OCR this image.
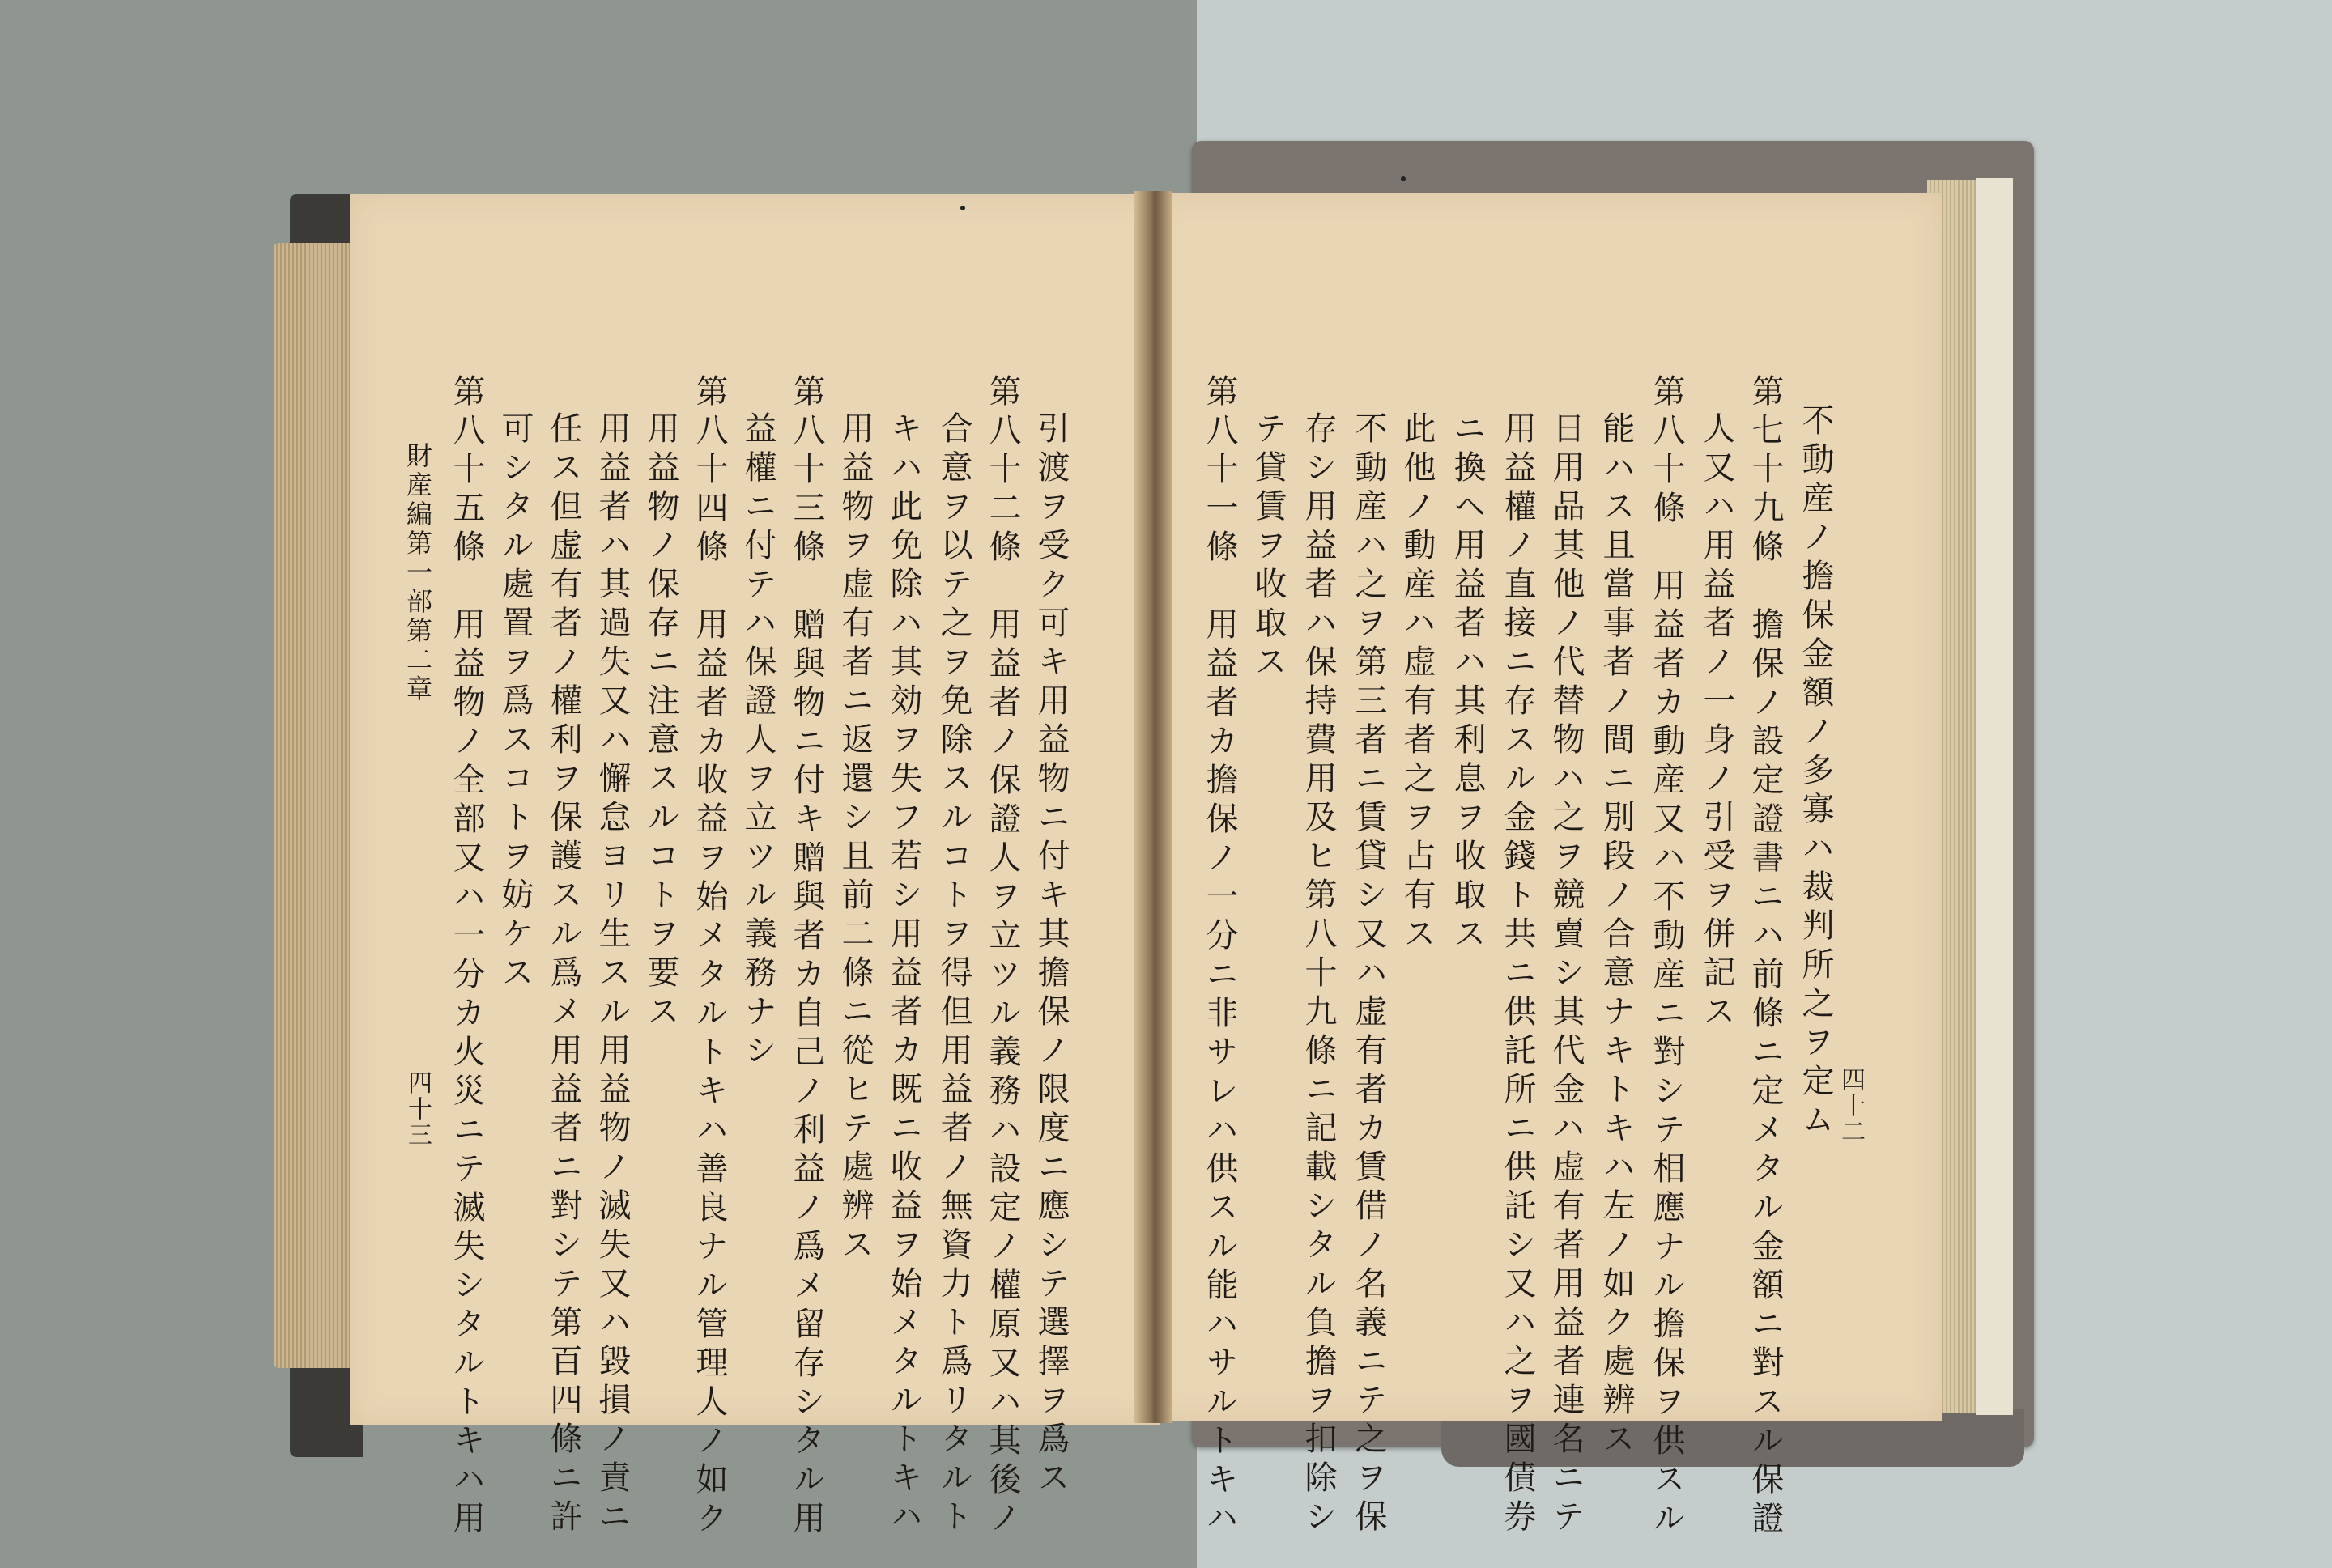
不動産ノ擔保金額ノ多寡ハ裁判所之ヲ定ム
第七十九條　擔保ノ設定證書ニハ前條ニ定メタル金額ニ對スル保證
人又ハ用益者ノ一身ノ引受ヲ併記ス
第八十條　用益者カ動産又ハ不動産ニ對シテ相應ナル擔保ヲ供スル
能ハス且當事者ノ間ニ別段ノ合意ナキトキハ左ノ如ク處辨ス
日用品其他ノ代替物ハ之ヲ競賣シ其代金ハ虚有者用益者連名ニテ
用益權ノ直接ニ存スル金錢ト共ニ供託所ニ供託シ又ハ之ヲ國債券
ニ換ヘ用益者ハ其利息ヲ收取ス
此他ノ動産ハ虚有者之ヲ占有ス
不動産ハ之ヲ第三者ニ賃貸シ又ハ虚有者カ賃借ノ名義ニテ之ヲ保
存シ用益者ハ保持費用及ヒ第八十九條ニ記載シタル負擔ヲ扣除シ
テ貸賃ヲ收取ス
第八十一條　用益者カ擔保ノ一分ニ非サレハ供スル能ハサルトキハ	四十二
引渡ヲ受ク可キ用益物ニ付キ其擔保ノ限度ニ應シテ選擇ヲ爲ス
第八十二條　用益者ノ保證人ヲ立ツル義務ハ設定ノ權原又ハ其後ノ
合意ヲ以テ之ヲ免除スルコトヲ得但用益者ノ無資力ト爲リタルト
キハ此免除ハ其効ヲ失フ若シ用益者カ既ニ收益ヲ始メタルトキハ
用益物ヲ虚有者ニ返還シ且前二條ニ從ヒテ處辨ス
第八十三條　贈與物ニ付キ贈與者カ自己ノ利益ノ爲メ留存シタル用
益權ニ付テハ保證人ヲ立ツル義務ナシ
第八十四條　用益者カ收益ヲ始メタルトキハ善良ナル管理人ノ如ク
用益物ノ保存ニ注意スルコトヲ要ス
用益者ハ其過失又ハ懈怠ヨリ生スル用益物ノ滅失又ハ毀損ノ責ニ
任ス但虚有者ノ權利ヲ保護スル爲メ用益者ニ對シテ第百四條ニ許
可シタル處置ヲ爲スコトヲ妨ケス
第八十五條　用益物ノ全部又ハ一分カ火災ニテ滅失シタルトキハ用
財産編第一部第二章
四十三
